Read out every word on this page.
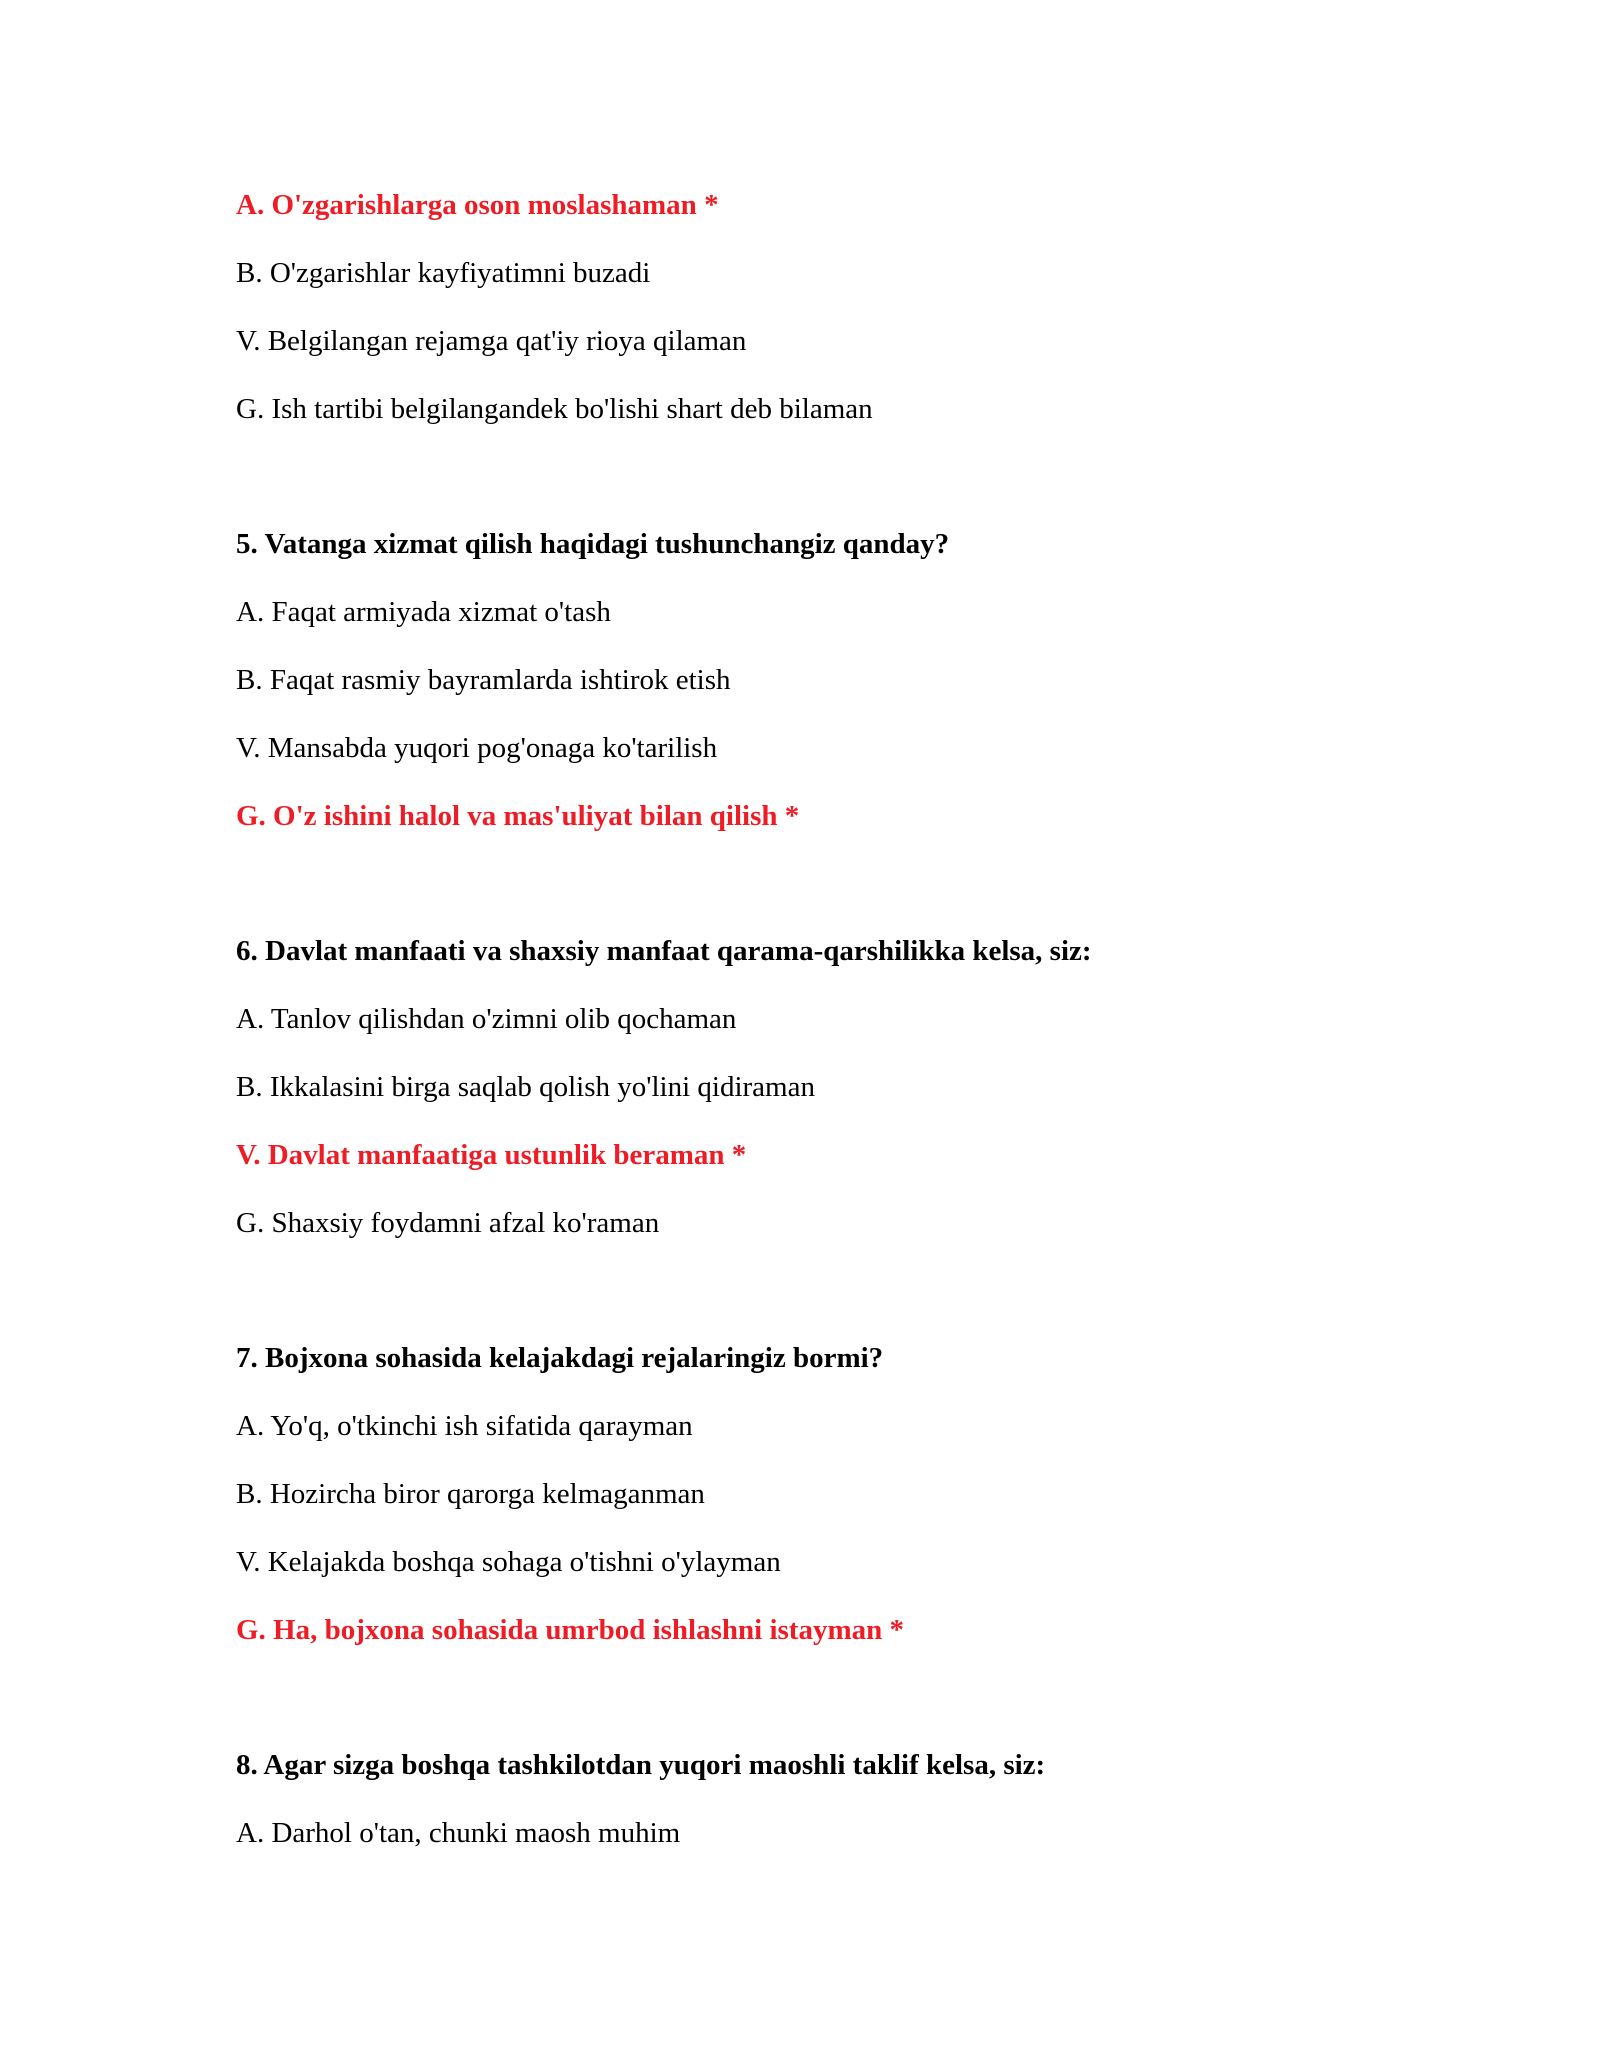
A. O'zgarishlarga oson moslashaman *
B. O'zgarishlar kayfiyatimni buzadi
V. Belgilangan rejamga qat'iy rioya qilaman
G. Ish tartibi belgilangandek bo'lishi shart deb bilaman
5. Vatanga xizmat qilish haqidagi tushunchangiz qanday?
A. Faqat armiyada xizmat o'tash
B. Faqat rasmiy bayramlarda ishtirok etish
V. Mansabda yuqori pog'onaga ko'tarilish
G. O'z ishini halol va mas'uliyat bilan qilish *
6. Davlat manfaati va shaxsiy manfaat qarama-qarshilikka kelsa, siz:
A. Tanlov qilishdan o'zimni olib qochaman
B. Ikkalasini birga saqlab qolish yo'lini qidiraman
V. Davlat manfaatiga ustunlik beraman *
G. Shaxsiy foydamni afzal ko'raman
7. Bojxona sohasida kelajakdagi rejalaringiz bormi?
A. Yo'q, o'tkinchi ish sifatida qarayman
B. Hozircha biror qarorga kelmaganman
V. Kelajakda boshqa sohaga o'tishni o'ylayman
G. Ha, bojxona sohasida umrbod ishlashni istayman *
8. Agar sizga boshqa tashkilotdan yuqori maoshli taklif kelsa, siz:
A. Darhol o'tan, chunki maosh muhim
